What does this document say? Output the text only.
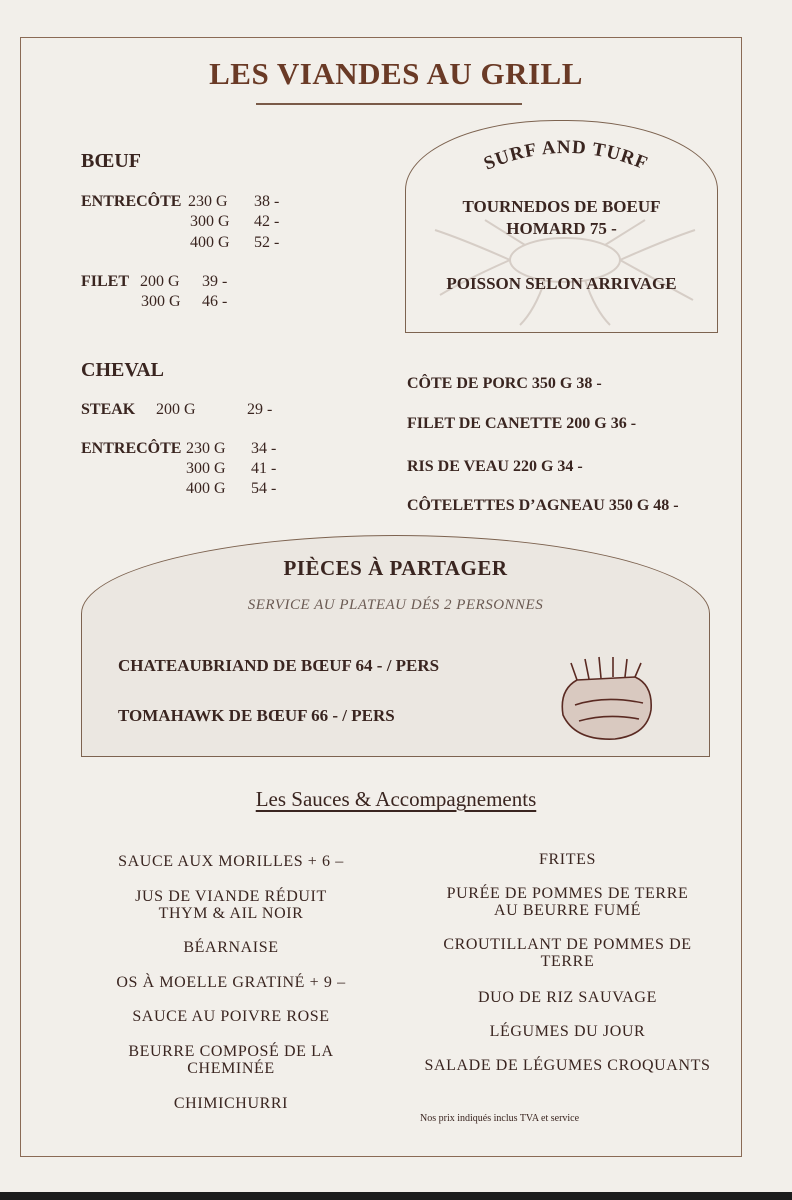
LES VIANDES AU GRILL
BŒUF
ENTRECÔTE 230 G 38 -
300 G 42 -
400 G 52 -
FILET 200 G 39 -
300 G 46 -
CHEVAL
STEAK 200 G	29 -
ENTRECÔTE 230 G 34 -
300 G 41 -
400 G 54 -
SURF AND TURF
TOURNEDOS DE BOEUF
HOMARD 75 -
POISSON SELON ARRIVAGE
CÔTE DE PORC 350 G 38 -
FILET DE CANETTE 200 G 36 -
RIS DE VEAU 220 G 34 -
CÔTELETTES D’AGNEAU 350 G 48 -
PIÈCES À PARTAGER
SERVICE AU PLATEAU DÉS 2 PERSONNES
CHATEAUBRIAND DE BŒUF 64 - / PERS
TOMAHAWK DE BŒUF 66 - / PERS
Les Sauces & Accompagnements
SAUCE AUX MORILLES + 6 –
JUS DE VIANDE RÉDUIT
THYM & AIL NOIR
BÉARNAISE
OS À MOELLE GRATINÉ + 9 –
SAUCE AU POIVRE ROSE
BEURRE COMPOSÉ DE LA
CHEMINÉE
CHIMICHURRI
FRITES
PURÉE DE POMMES DE TERRE
AU BEURRE FUMÉ
CROUTILLANT DE POMMES DE
TERRE
DUO DE RIZ SAUVAGE
LÉGUMES DU JOUR
SALADE DE LÉGUMES CROQUANTS
Nos prix indiqués inclus TVA et service
